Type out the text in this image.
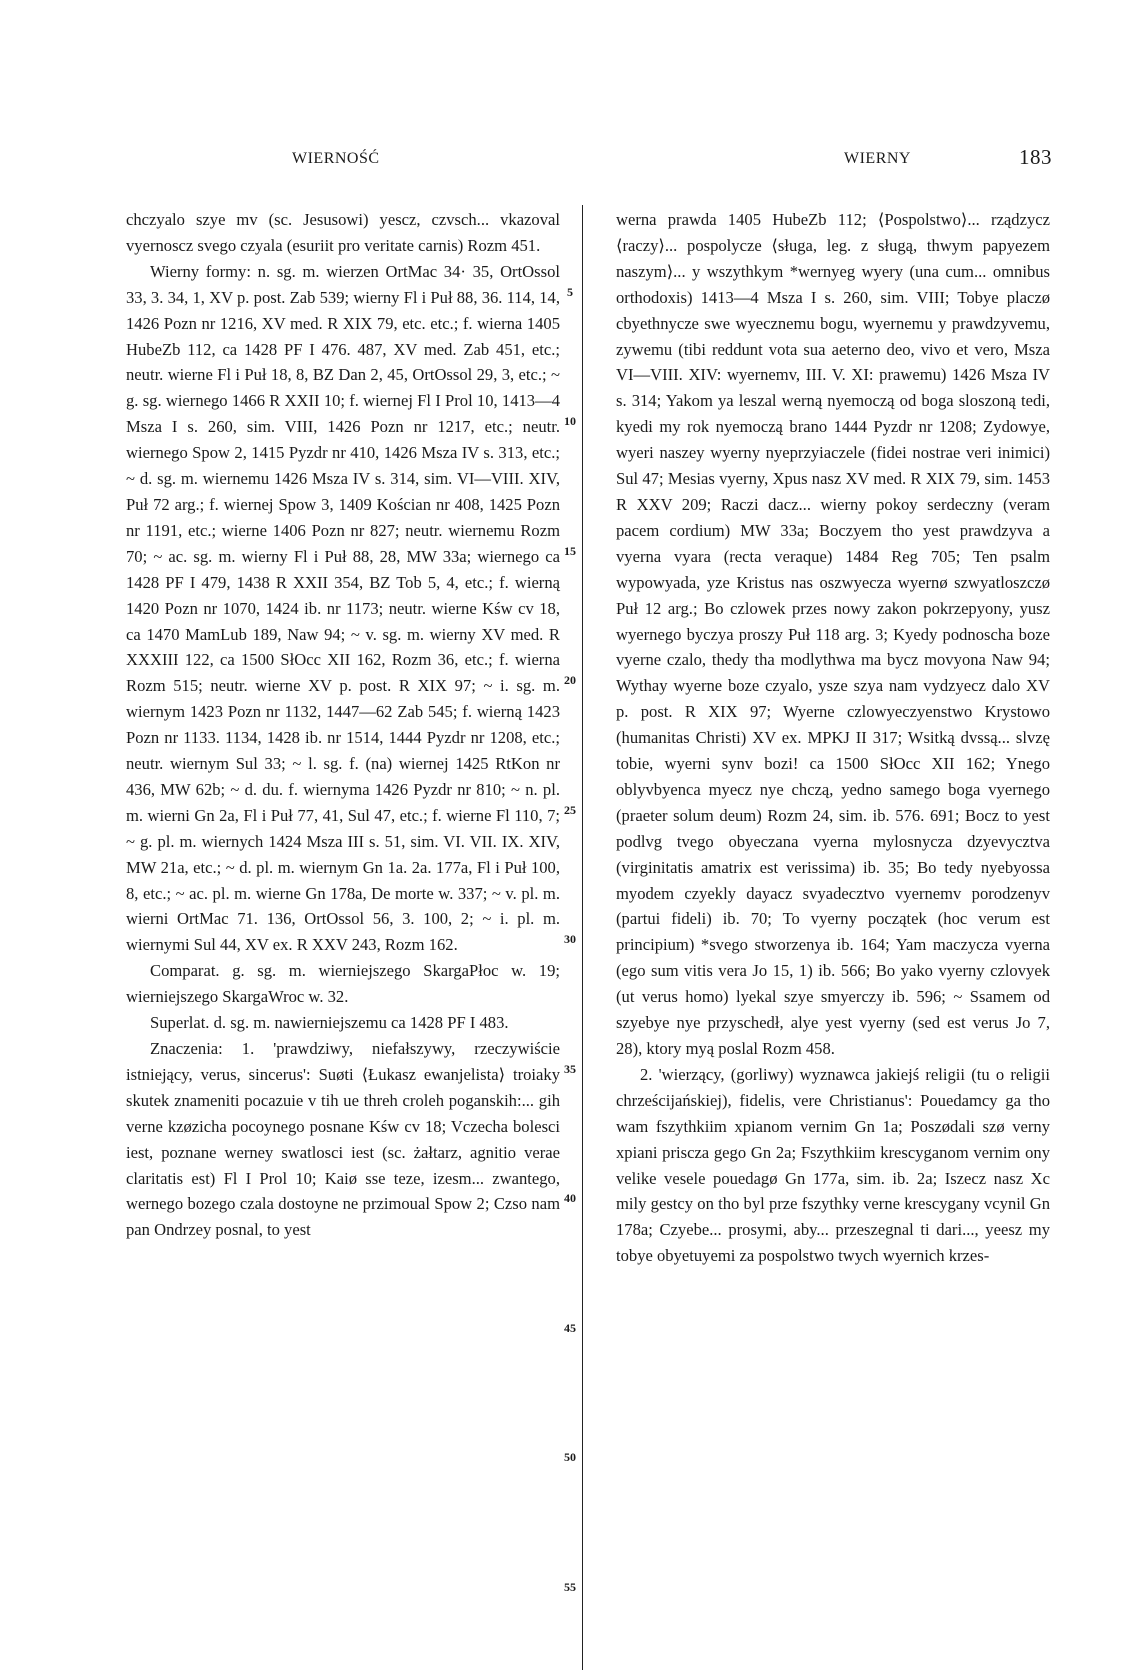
WIERNOŚĆ	WIERNY	183

chczyalo szye mv (sc. Jesusowi) yescz, czvsch... vkazoval vyernoscz svego czyala (esuriit pro veritate carnis) Rozm 451.

Wierny formy: n. sg. m. wierzen OrtMac 34· 35, OrtOssol 33, 3. 34, 1, XV p. post. Zab 539; wierny Fl i Puł 88, 36. 114, 14, 1426 Pozn nr 1216, XV med. R XIX 79, etc. etc.; f. wierna 1405 HubeZb 112, ca 1428 PF I 476. 487, XV med. Zab 451, etc.; neutr. wierne Fl i Puł 18, 8, BZ Dan 2, 45, OrtOssol 29, 3, etc.; ~ g. sg. wiernego 1466 R XXII 10; f. wiernej Fl I Prol 10, 1413—4 Msza I s. 260, sim. VIII, 1426 Pozn nr 1217, etc.; neutr. wiernego Spow 2, 1415 Pyzdr nr 410, 1426 Msza IV s. 313, etc.; ~ d. sg. m. wiernemu 1426 Msza IV s. 314, sim. VI—VIII. XIV, Puł 72 arg.; f. wiernej Spow 3, 1409 Kościan nr 408, 1425 Pozn nr 1191, etc.; wierne 1406 Pozn nr 827; neutr. wiernemu Rozm 70; ~ ac. sg. m. wierny Fl i Puł 88, 28, MW 33a; wiernego ca 1428 PF I 479, 1438 R XXII 354, BZ Tob 5, 4, etc.; f. wierną 1420 Pozn nr 1070, 1424 ib. nr 1173; neutr. wierne Kśw cv 18, ca 1470 MamLub 189, Naw 94; ~ v. sg. m. wierny XV med. R XXXIII 122, ca 1500 SłOcc XII 162, Rozm 36, etc.; f. wierna Rozm 515; neutr. wierne XV p. post. R XIX 97; ~ i. sg. m. wiernym 1423 Pozn nr 1132, 1447—62 Zab 545; f. wierną 1423 Pozn nr 1133. 1134, 1428 ib. nr 1514, 1444 Pyzdr nr 1208, etc.; neutr. wiernym Sul 33; ~ l. sg. f. (na) wiernej 1425 RtKon nr 436, MW 62b; ~ d. du. f. wiernyma 1426 Pyzdr nr 810; ~ n. pl. m. wierni Gn 2a, Fl i Puł 77, 41, Sul 47, etc.; f. wierne Fl 110, 7; ~ g. pl. m. wiernych 1424 Msza III s. 51, sim. VI. VII. IX. XIV, MW 21a, etc.; ~ d. pl. m. wiernym Gn 1a. 2a. 177a, Fl i Puł 100, 8, etc.; ~ ac. pl. m. wierne Gn 178a, De morte w. 337; ~ v. pl. m. wierni OrtMac 71. 136, OrtOssol 56, 3. 100, 2; ~ i. pl. m. wiernymi Sul 44, XV ex. R XXV 243, Rozm 162.

Comparat. g. sg. m. wierniejszego SkargaPłoc w. 19; wierniejszego SkargaWroc w. 32.

Superlat. d. sg. m. nawierniejszemu ca 1428 PF I 483.

Znaczenia: 1. 'prawdziwy, niefałszywy, rzeczywiście istniejący, verus, sincerus': Suøti ⟨Łukasz ewanjelista⟩ troiaky skutek znameniti pocazuie v tih ue threh croleh poganskih:... gih verne kzøzicha pocoynego posnane Kśw cv 18; Vczecha bolesci iest, poznane werney swatlosci iest (sc. żałtarz, agnitio verae claritatis est) Fl I Prol 10; Kaiø sse teze, izesm... zwantego, wernego bozego czala dostoyne ne przimoual Spow 2; Czso nam pan Ondrzey posnal, to yest

5
10
15
20
25
30
35
40
45
50
55

werna prawda 1405 HubeZb 112; ⟨Pospolstwo⟩... rządzycz ⟨raczy⟩... pospolycze ⟨sługa, leg. z sługą, thwym papyezem naszym⟩... y wszythkym *wernyeg wyery (una cum... omnibus orthodoxis) 1413—4 Msza I s. 260, sim. VIII; Tobye placzø cbyethnycze swe wyecznemu bogu, wyernemu y prawdzyvemu, zywemu (tibi reddunt vota sua aeterno deo, vivo et vero, Msza VI—VIII. XIV: wyernemv, III. V. XI: prawemu) 1426 Msza IV s. 314; Yakom ya leszal werną nyemoczą od boga sloszoną tedi, kyedi my rok nyemoczą brano 1444 Pyzdr nr 1208; Zydowye, wyeri naszey wyerny nyeprzyiaczele (fidei nostrae veri inimici) Sul 47; Mesias vyerny, Xpus nasz XV med. R XIX 79, sim. 1453 R XXV 209; Raczi dacz... wierny pokoy serdeczny (veram pacem cordium) MW 33a; Boczyem tho yest prawdzyva a vyerna vyara (recta veraque) 1484 Reg 705; Ten psalm wypowyada, yze Kristus nas oszwyecza wyernø szwyatloszczø Puł 12 arg.; Bo czlowek przes nowy zakon pokrzepyony, yusz wyernego byczya proszy Puł 118 arg. 3; Kyedy podnoscha boze vyerne czalo, thedy tha modlythwa ma bycz movyona Naw 94; Wythay wyerne boze czyalo, ysze szya nam vydzyecz dalo XV p. post. R XIX 97; Wyerne czlowyeczyenstwo Krystowo (humanitas Christi) XV ex. MPKJ II 317; Wsitką dvssą... slvzę tobie, wyerni synv bozi! ca 1500 SłOcc XII 162; Ynego oblyvbyenca myecz nye chczą, yedno samego boga vyernego (praeter solum deum) Rozm 24, sim. ib. 576. 691; Bocz to yest podlvg tvego obyeczana vyerna mylosnycza dzyevycztva (virginitatis amatrix est verissima) ib. 35; Bo tedy nyebyossa myodem czyekly dayacz svyadecztvo vyernemv porodzenyv (partui fideli) ib. 70; To vyerny początek (hoc verum est principium) *svego stworzenya ib. 164; Yam maczycza vyerna (ego sum vitis vera Jo 15, 1) ib. 566; Bo yako vyerny czlovyek (ut verus homo) lyekal szye smyerczy ib. 596; ~ Ssamem od szyebye nye przyschedł, alye yest vyerny (sed est verus Jo 7, 28), ktory myą poslal Rozm 458.

2. 'wierzący, (gorliwy) wyznawca jakiejś religii (tu o religii chrześcijańskiej), fidelis, vere Christianus': Pouedamcy ga tho wam fszythkiim xpianom vernim Gn 1a; Poszødali szø verny xpiani priscza gego Gn 2a; Fszythkiim krescyganom vernim ony velike vesele pouedagø Gn 177a, sim. ib. 2a; Iszecz nasz Xc mily gestcy on tho byl prze fszythky verne krescygany vcynil Gn 178a; Czyebe... prosymi, aby... przeszegnal ti dari..., yeesz my tobye obyetuyemi za pospolstwo twych wyernich krzes-
